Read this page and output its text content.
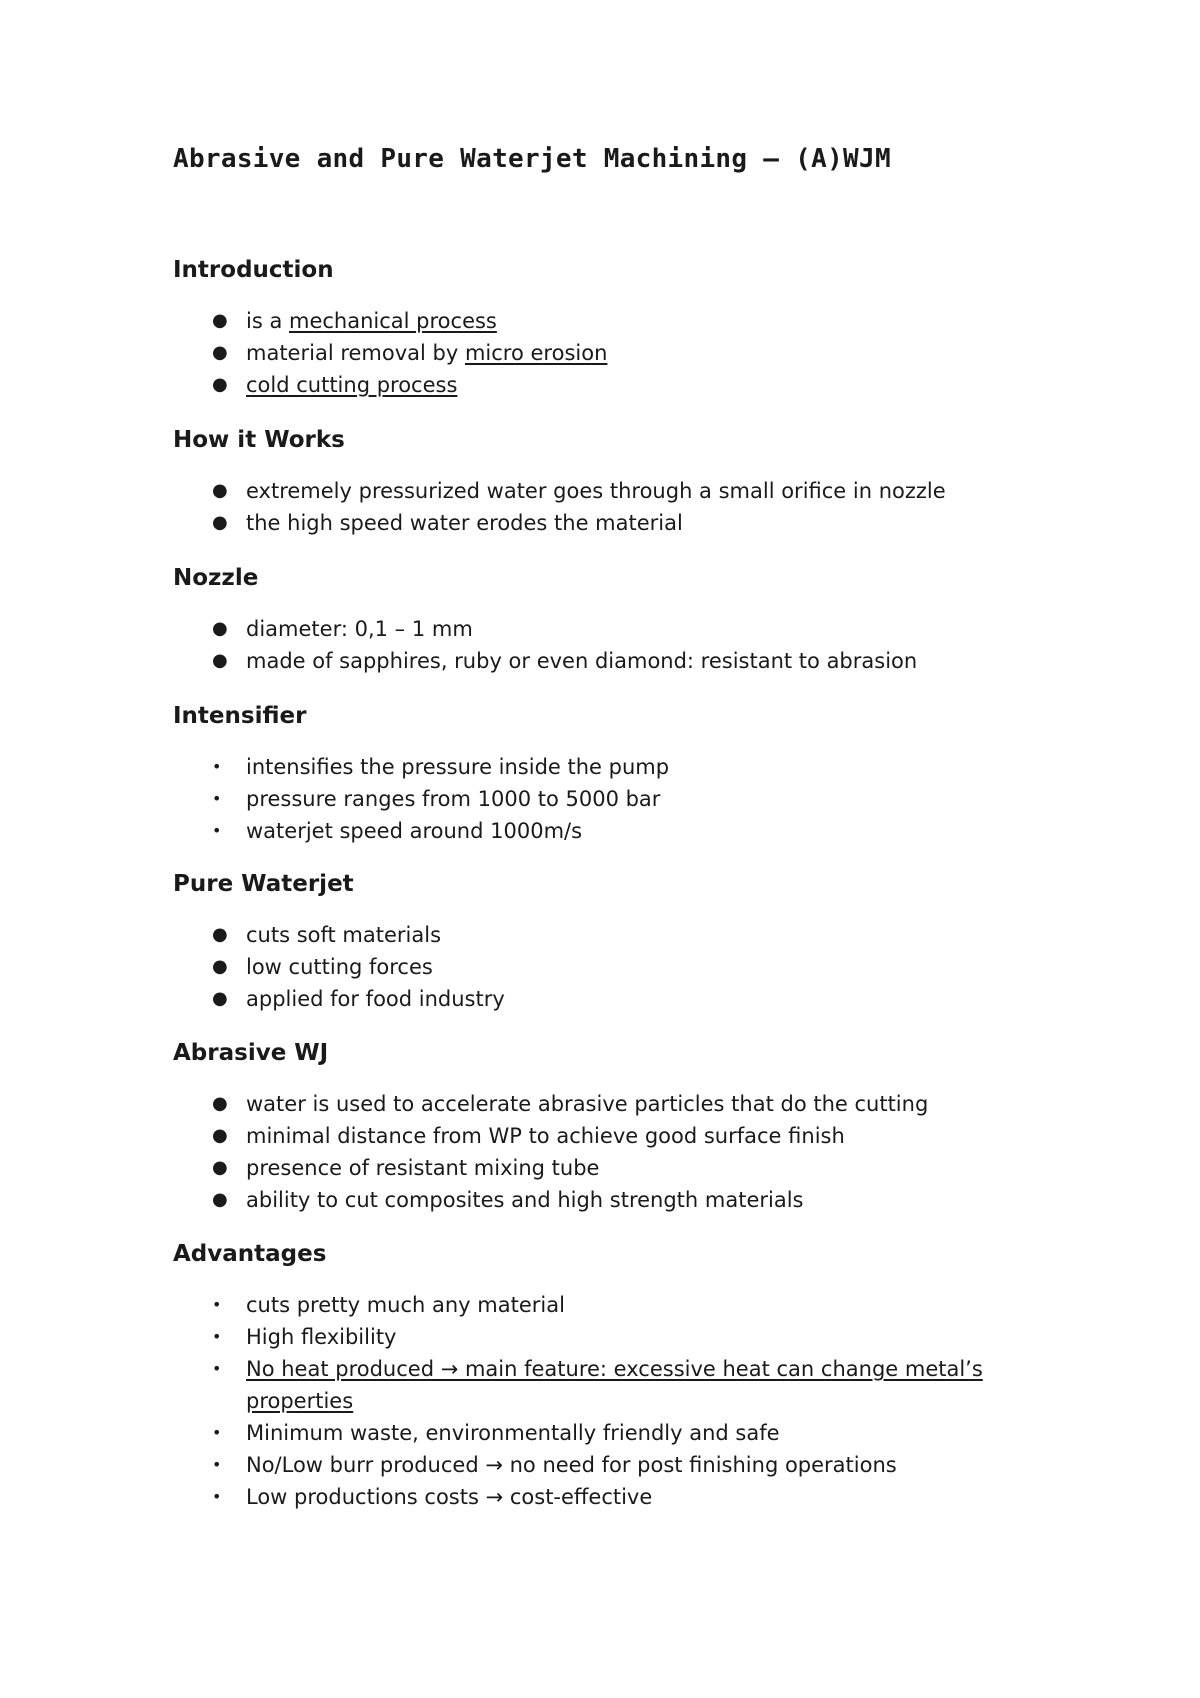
Abrasive and Pure Waterjet Machining – (A)WJM
Introduction
● is a mechanical process
● material removal by micro erosion
● cold cutting process
How it Works
● extremely pressurized water goes through a small orifice in nozzle
● the high speed water erodes the material
Nozzle
● diameter: 0,1 – 1 mm
● made of sapphires, ruby or even diamond: resistant to abrasion
Intensifier
• intensifies the pressure inside the pump
• pressure ranges from 1000 to 5000 bar
• waterjet speed around 1000m/s
Pure Waterjet
● cuts soft materials
● low cutting forces
● applied for food industry
Abrasive WJ
● water is used to accelerate abrasive particles that do the cutting
● minimal distance from WP to achieve good surface finish
● presence of resistant mixing tube
● ability to cut composites and high strength materials
Advantages
• cuts pretty much any material
• High flexibility
• No heat produced → main feature: excessive heat can change metal’s properties
• Minimum waste, environmentally friendly and safe
• No/Low burr produced → no need for post finishing operations
• Low productions costs → cost-effective
